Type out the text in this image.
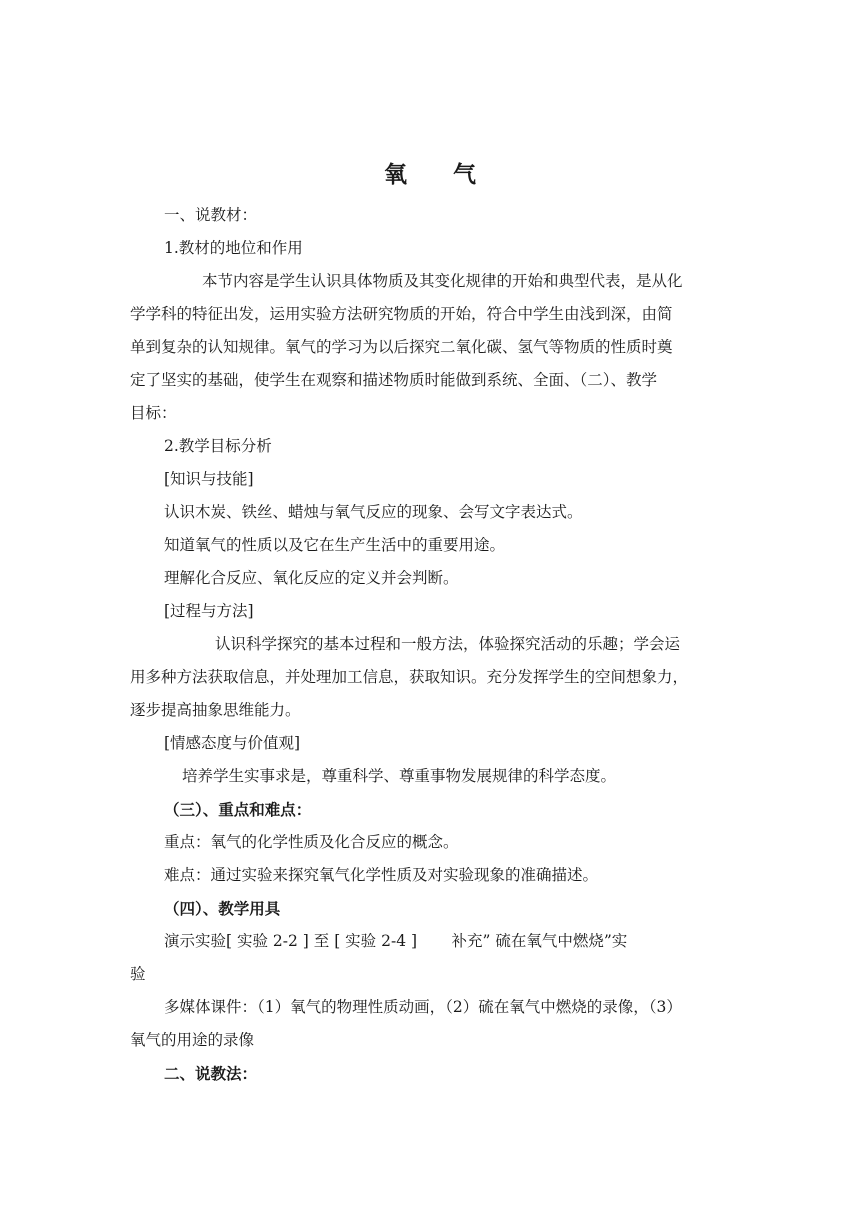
氧 气
一、说教材：
1.教材的地位和作用
本节内容是学生认识具体物质及其变化规律的开始和典型代表，是从化
学学科的特征出发，运用实验方法研究物质的开始，符合中学生由浅到深，由简
单到复杂的认知规律。氧气的学习为以后探究二氧化碳、氢气等物质的性质时奠
定了坚实的基础，使学生在观察和描述物质时能做到系统、全面、（二）、教学
目标：
2.教学目标分析
[知识与技能]
认识木炭、铁丝、蜡烛与氧气反应的现象、会写文字表达式。
知道氧气的性质以及它在生产生活中的重要用途。
理解化合反应、氧化反应的定义并会判断。
[过程与方法]
认识科学探究的基本过程和一般方法，体验探究活动的乐趣；学会运
用多种方法获取信息，并处理加工信息，获取知识。充分发挥学生的空间想象力，
逐步提高抽象思维能力。
[情感态度与价值观]
培养学生实事求是，尊重科学、尊重事物发展规律的科学态度。
（三）、重点和难点：
重点：氧气的化学性质及化合反应的概念。
难点：通过实验来探究氧气化学性质及对实验现象的准确描述。
（四）、教学用具
演示实验[ 实验 2-2 ] 至 [ 实验 2-4 ]       补充” 硫在氧气中燃烧”实
验
多媒体课件：（1）氧气的物理性质动画，（2）硫在氧气中燃烧的录像，（3）
氧气的用途的录像
二、说教法：
